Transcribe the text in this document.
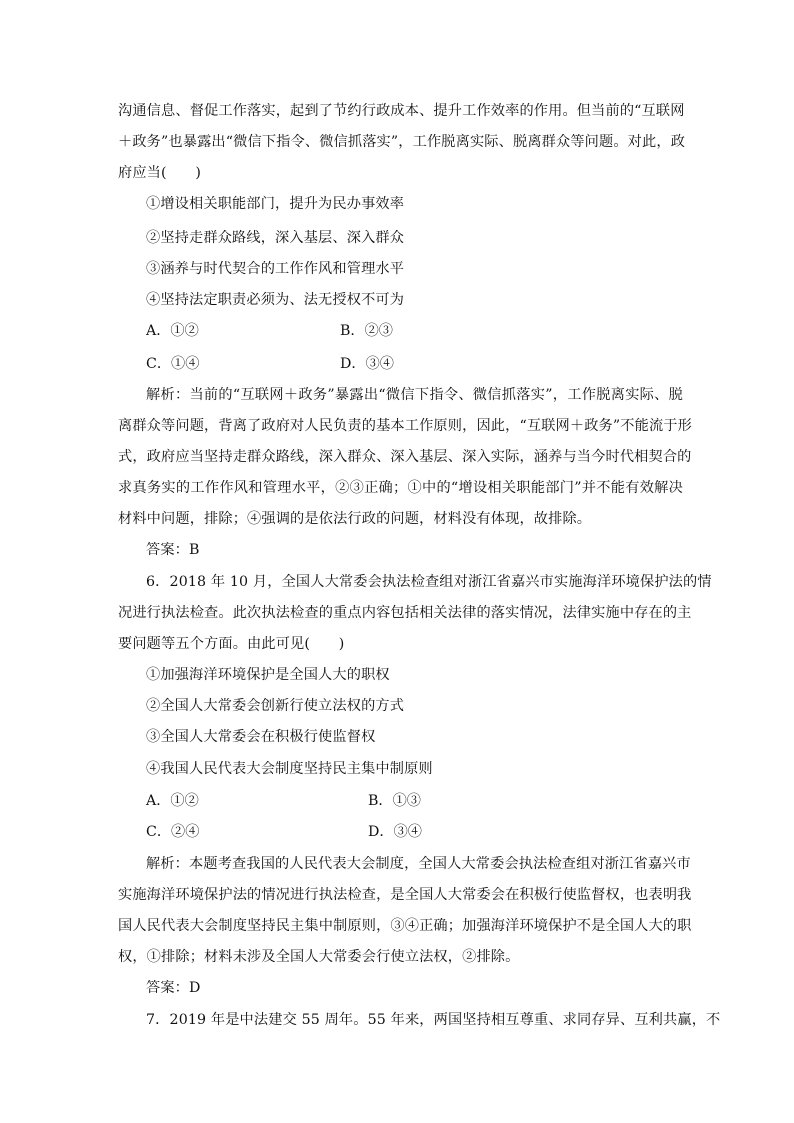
沟通信息、督促工作落实，起到了节约行政成本、提升工作效率的作用。但当前的“互联网
＋政务”也暴露出“微信下指令、微信抓落实”，工作脱离实际、脱离群众等问题。对此，政
府应当(　　)
①增设相关职能部门，提升为民办事效率
②坚持走群众路线，深入基层、深入群众
③涵养与时代契合的工作作风和管理水平
④坚持法定职责必须为、法无授权不可为
A．①②	B．②③
C．①④	D．③④
解析：当前的“互联网＋政务”暴露出“微信下指令、微信抓落实”，工作脱离实际、脱
离群众等问题，背离了政府对人民负责的基本工作原则，因此，“互联网＋政务”不能流于形
式，政府应当坚持走群众路线，深入群众、深入基层、深入实际，涵养与当今时代相契合的
求真务实的工作作风和管理水平，②③正确；①中的“增设相关职能部门”并不能有效解决
材料中问题，排除；④强调的是依法行政的问题，材料没有体现，故排除。
答案：B
6．2018 年 10 月，全国人大常委会执法检查组对浙江省嘉兴市实施海洋环境保护法的情
况进行执法检查。此次执法检查的重点内容包括相关法律的落实情况，法律实施中存在的主
要问题等五个方面。由此可见(　　)
①加强海洋环境保护是全国人大的职权
②全国人大常委会创新行使立法权的方式
③全国人大常委会在积极行使监督权
④我国人民代表大会制度坚持民主集中制原则
A．①②	B．①③
C．②④	D．③④
解析：本题考查我国的人民代表大会制度，全国人大常委会执法检查组对浙江省嘉兴市
实施海洋环境保护法的情况进行执法检查，是全国人大常委会在积极行使监督权，也表明我
国人民代表大会制度坚持民主集中制原则，③④正确；加强海洋环境保护不是全国人大的职
权，①排除；材料未涉及全国人大常委会行使立法权，②排除。
答案：D
7．2019 年是中法建交 55 周年。55 年来，两国坚持相互尊重、求同存异、互利共赢，不
